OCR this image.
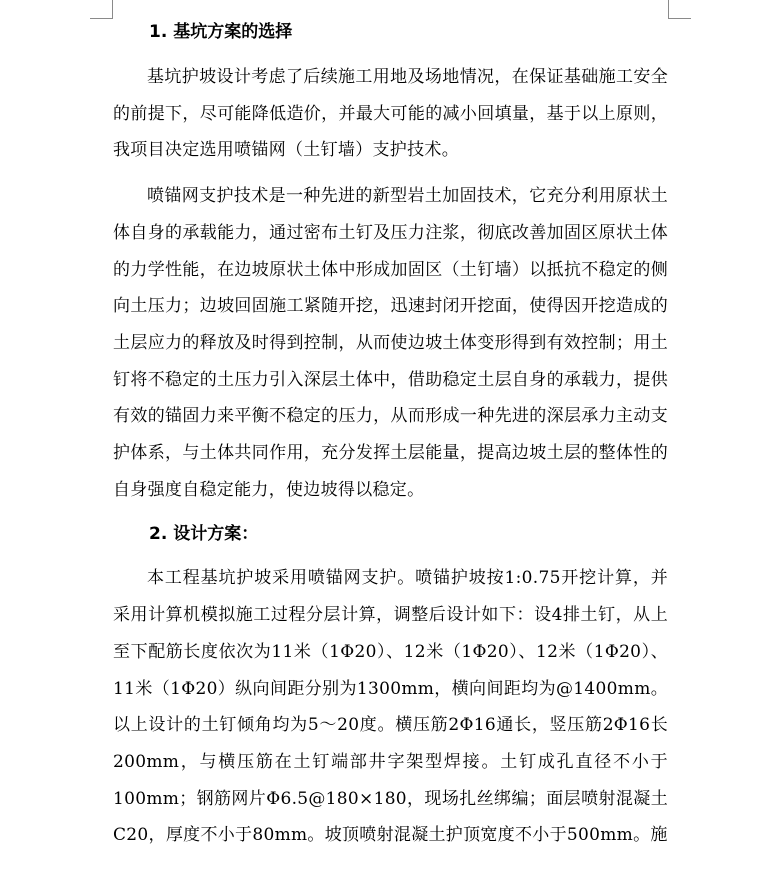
1. 基坑方案的选择

基坑护坡设计考虑了后续施工用地及场地情况，在保证基础施工安全的前提下，尽可能降低造价，并最大可能的减小回填量，基于以上原则，我项目决定选用喷锚网（土钉墙）支护技术。

喷锚网支护技术是一种先进的新型岩土加固技术，它充分利用原状土体自身的承载能力，通过密布土钉及压力注浆，彻底改善加固区原状土体的力学性能，在边坡原状土体中形成加固区（土钉墙）以抵抗不稳定的侧向土压力；边坡回固施工紧随开挖，迅速封闭开挖面，使得因开挖造成的土层应力的释放及时得到控制，从而使边坡土体变形得到有效控制；用土钉将不稳定的土压力引入深层土体中，借助稳定土层自身的承载力，提供有效的锚固力来平衡不稳定的压力，从而形成一种先进的深层承力主动支护体系，与土体共同作用，充分发挥土层能量，提高边坡土层的整体性的自身强度自稳定能力，使边坡得以稳定。

2. 设计方案：

本工程基坑护坡采用喷锚网支护。喷锚护坡按1:0.75开挖计算，并采用计算机模拟施工过程分层计算，调整后设计如下：设4排土钉，从上至下配筋长度依次为11米（1Φ20）、12米（1Φ20）、12米（1Φ20）、11米（1Φ20）纵向间距分别为1300mm，横向间距均为@1400mm。以上设计的土钉倾角均为5～20度。横压筋2Φ16通长，竖压筋2Φ16长200mm，与横压筋在土钉端部井字架型焊接。土钉成孔直径不小于100mm；钢筋网片Φ6.5@180×180，现场扎丝绑编；面层喷射混凝土C20，厚度不小于80mm。坡顶喷射混凝土护顶宽度不小于500mm。施
